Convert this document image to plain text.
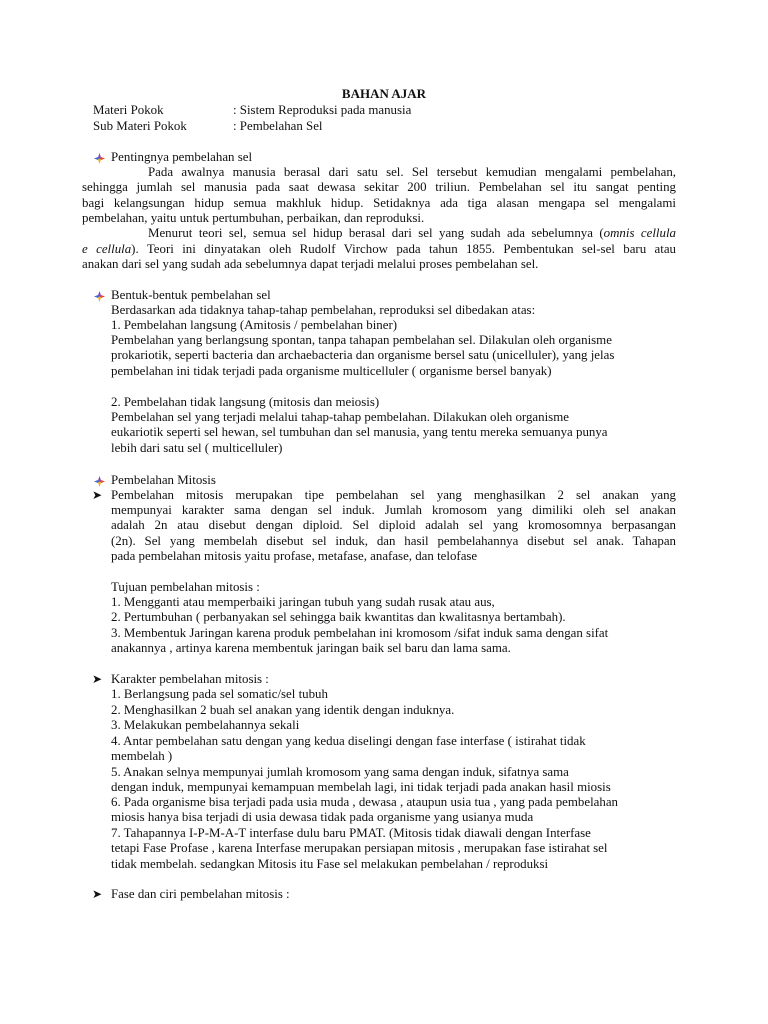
BAHAN AJAR
Materi Pokok	: Sistem Reproduksi pada manusia
Sub Materi Pokok	: Pembelahan Sel
Pentingnya pembelahan sel
Pada awalnya manusia berasal dari satu sel. Sel tersebut kemudian mengalami pembelahan,
sehingga jumlah sel manusia pada saat dewasa sekitar 200 triliun. Pembelahan sel itu sangat penting
bagi kelangsungan hidup semua makhluk hidup. Setidaknya ada tiga alasan mengapa sel mengalami
pembelahan, yaitu untuk pertumbuhan, perbaikan, dan reproduksi.
Menurut teori sel, semua sel hidup berasal dari sel yang sudah ada sebelumnya (omnis cellula
e cellula). Teori ini dinyatakan oleh Rudolf Virchow pada tahun 1855. Pembentukan sel-sel baru atau
anakan dari sel yang sudah ada sebelumnya dapat terjadi melalui proses pembelahan sel.
Bentuk-bentuk pembelahan sel
Berdasarkan ada tidaknya tahap-tahap pembelahan, reproduksi sel dibedakan atas:
1. Pembelahan langsung (Amitosis / pembelahan biner)
Pembelahan yang berlangsung spontan, tanpa tahapan pembelahan sel. Dilakulan oleh organisme
prokariotik, seperti bacteria dan archaebacteria dan organisme bersel satu (unicelluler), yang jelas
pembelahan ini tidak terjadi pada organisme multicelluler ( organisme bersel banyak)
2. Pembelahan tidak langsung (mitosis dan meiosis)
Pembelahan sel yang terjadi melalui tahap-tahap pembelahan. Dilakukan oleh organisme
eukariotik seperti sel hewan, sel tumbuhan dan sel manusia, yang tentu mereka semuanya punya
lebih dari satu sel ( multicelluler)
Pembelahan Mitosis
➤ Pembelahan mitosis merupakan tipe pembelahan sel yang menghasilkan 2 sel anakan yang
mempunyai karakter sama dengan sel induk. Jumlah kromosom yang dimiliki oleh sel anakan
adalah 2n atau disebut dengan diploid. Sel diploid adalah sel yang kromosomnya berpasangan
(2n). Sel yang membelah disebut sel induk, dan hasil pembelahannya disebut sel anak. Tahapan
pada pembelahan mitosis yaitu profase, metafase, anafase, dan telofase
Tujuan pembelahan mitosis :
1. Mengganti atau memperbaiki jaringan tubuh yang sudah rusak atau aus,
2. Pertumbuhan ( perbanyakan sel sehingga baik kwantitas dan kwalitasnya bertambah).
3. Membentuk Jaringan karena produk pembelahan ini kromosom /sifat induk sama dengan sifat
anakannya , artinya karena membentuk jaringan baik sel baru dan lama sama.
➤ Karakter pembelahan mitosis :
1. Berlangsung pada sel somatic/sel tubuh
2. Menghasilkan 2 buah sel anakan yang identik dengan induknya.
3. Melakukan pembelahannya sekali
4. Antar pembelahan satu dengan yang kedua diselingi dengan fase interfase ( istirahat tidak
membelah )
5. Anakan selnya mempunyai jumlah kromosom yang sama dengan induk, sifatnya sama
dengan induk, mempunyai kemampuan membelah lagi, ini tidak terjadi pada anakan hasil miosis
6. Pada organisme bisa terjadi pada usia muda , dewasa , ataupun usia tua , yang pada pembelahan
miosis hanya bisa terjadi di usia dewasa tidak pada organisme yang usianya muda
7. Tahapannya I-P-M-A-T interfase dulu baru PMAT. (Mitosis tidak diawali dengan Interfase
tetapi Fase Profase , karena Interfase merupakan persiapan mitosis , merupakan fase istirahat sel
tidak membelah. sedangkan Mitosis itu Fase sel melakukan pembelahan / reproduksi
➤ Fase dan ciri pembelahan mitosis :
